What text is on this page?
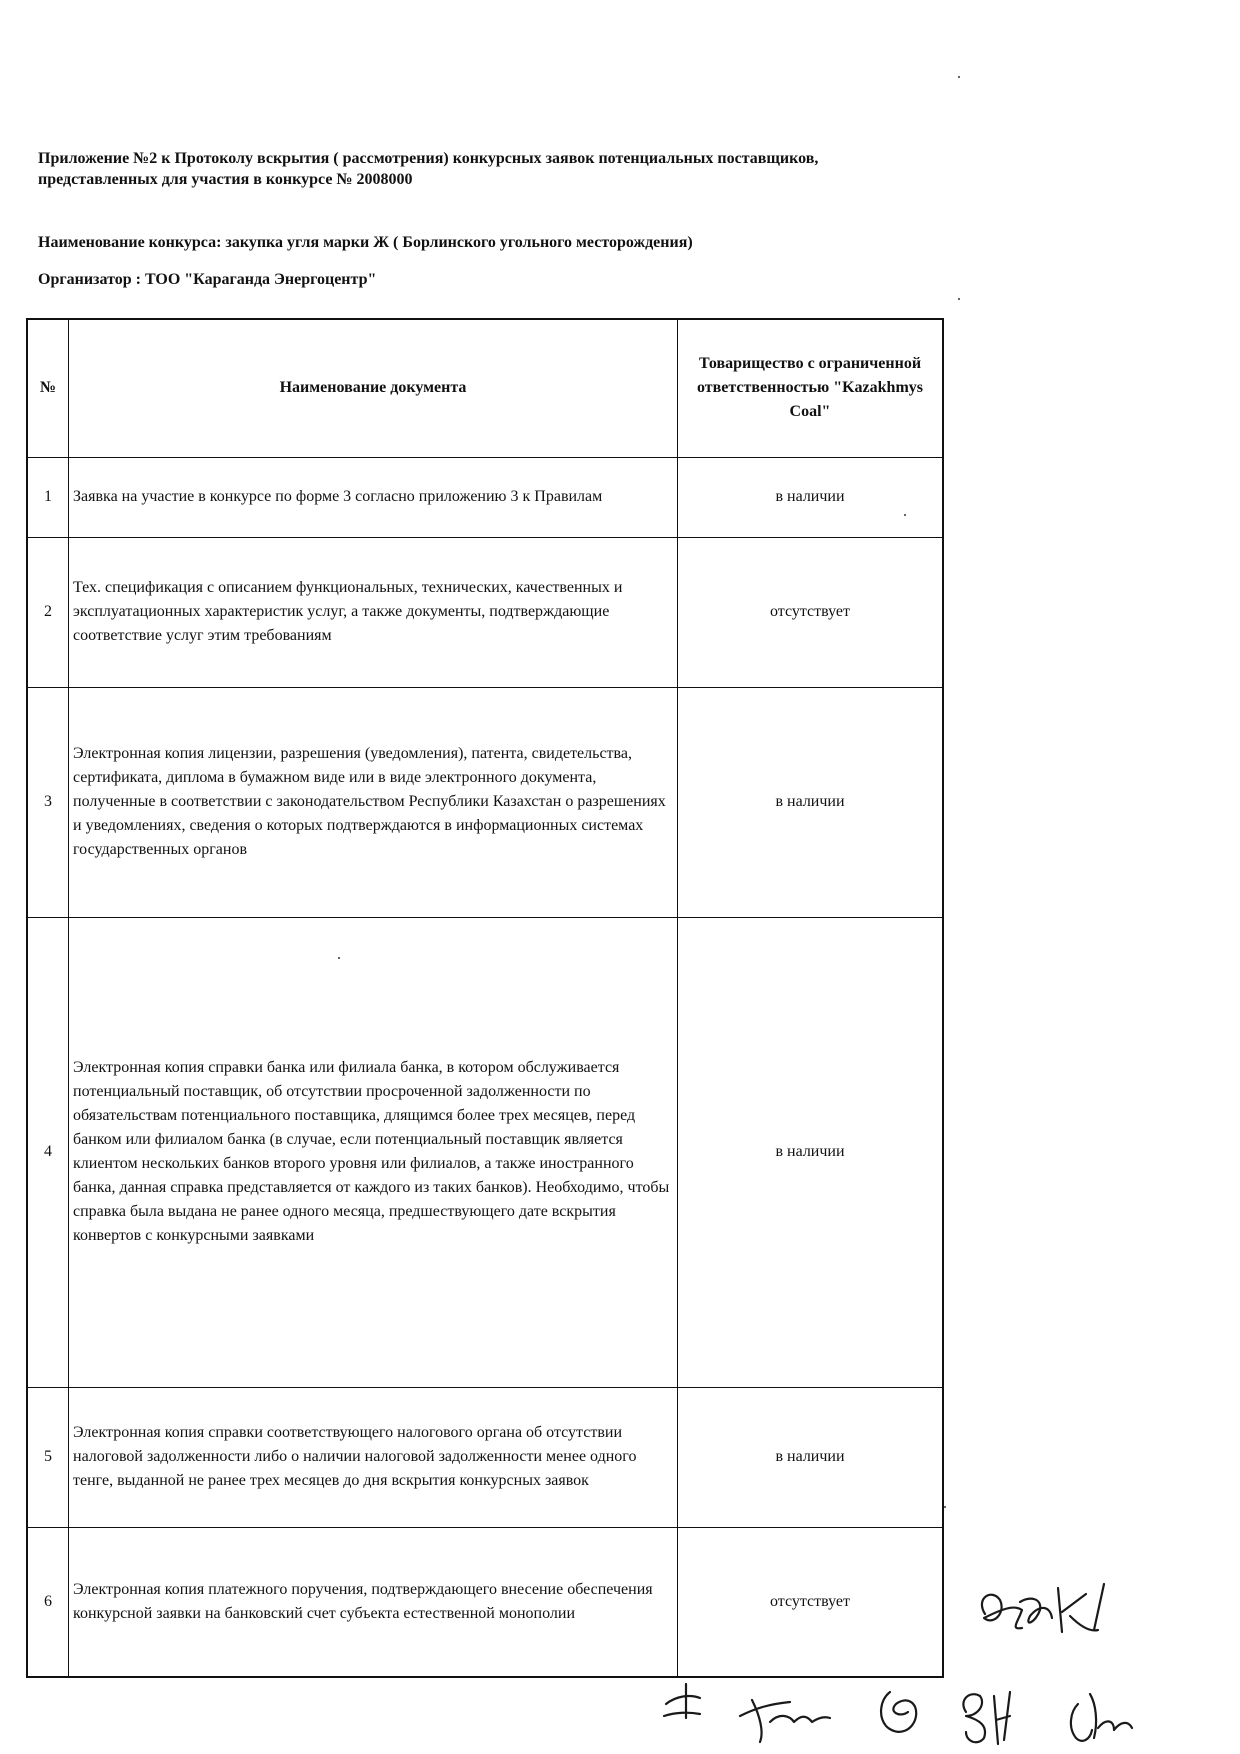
Приложение №2 к Протоколу вскрытия ( рассмотрения) конкурсных заявок потенциальных поставщиков, представленных для участия в конкурсе № 2008000

Наименование конкурса: закупка угля марки Ж ( Борлинского угольного месторождения)

Организатор : ТОО "Караганда Энергоцентр"

№	Наименование документа	Товарищество с ограниченной ответственностью "Kazakhmys Coal"
1	Заявка на участие в конкурсе по форме 3 согласно приложению 3 к Правилам	в наличии
2	Тех. спецификация с описанием функциональных, технических, качественных и эксплуатационных характеристик услуг, а также документы, подтверждающие соответствие услуг этим требованиям	отсутствует
3	Электронная копия лицензии, разрешения (уведомления), патента, свидетельства, сертификата, диплома в бумажном виде или в виде электронного документа, полученные в соответствии с законодательством Республики Казахстан о разрешениях и уведомлениях, сведения о которых подтверждаются в информационных системах государственных органов	в наличии
4	Электронная копия справки банка или филиала банка, в котором обслуживается потенциальный поставщик, об отсутствии просроченной задолженности по обязательствам потенциального поставщика, длящимся более трех месяцев, перед банком или филиалом банка (в случае, если потенциальный поставщик является клиентом нескольких банков второго уровня или филиалов, а также иностранного банка, данная справка представляется от каждого из таких банков). Необходимо, чтобы справка была выдана не ранее одного месяца, предшествующего дате вскрытия конвертов с конкурсными заявками	в наличии
5	Электронная копия справки соответствующего налогового органа об отсутствии налоговой задолженности либо о наличии налоговой задолженности менее одного тенге, выданной не ранее трех месяцев до дня вскрытия конкурсных заявок	в наличии
6	Электронная копия платежного поручения, подтверждающего внесение обеспечения конкурсной заявки на банковский счет субъекта естественной монополии	отсутствует
